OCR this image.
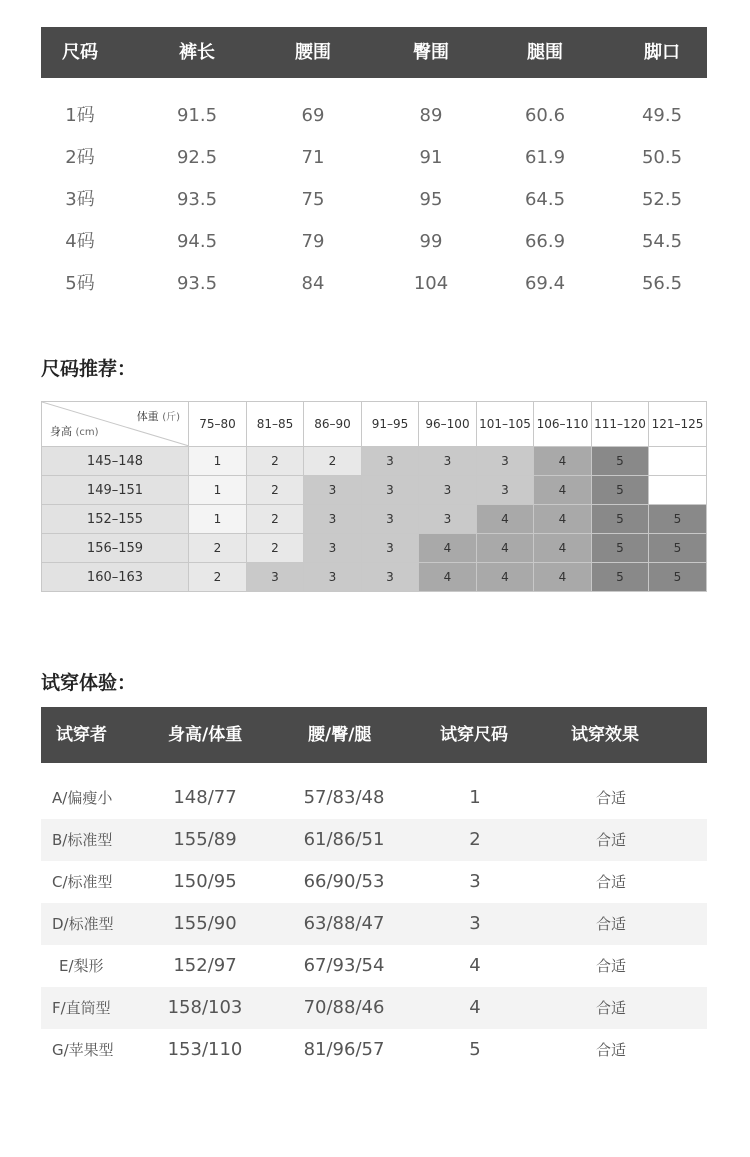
尺码	裤长	腰围	臀围	腿围	脚口
1码	91.5	69	89	60.6	49.5
2码	92.5	71	91	61.9	50.5
3码	93.5	75	95	64.5	52.5
4码	94.5	79	99	66.9	54.5
5码	93.5	84	104	69.4	56.5
尺码推荐：
体重 (斤)
身高 (cm)	75–80	81–85	86–90	91–95	96–100	101–105	106–110	111–120	121–125
145–148	1	2	2	3	3	3	4	5	
149–151	1	2	3	3	3	3	4	5	
152–155	1	2	3	3	3	4	4	5	5
156–159	2	2	3	3	4	4	4	5	5
160–163	2	3	3	3	4	4	4	5	5
试穿体验：
试穿者	身高/体重	腰/臀/腿	试穿尺码	试穿效果
A/偏瘦小	148/77	57/83/48	1	合适
B/标准型	155/89	61/86/51	2	合适
C/标准型	150/95	66/90/53	3	合适
D/标准型	155/90	63/88/47	3	合适
E/梨形	152/97	67/93/54	4	合适
F/直筒型	158/103	70/88/46	4	合适
G/苹果型	153/110	81/96/57	5	合适
